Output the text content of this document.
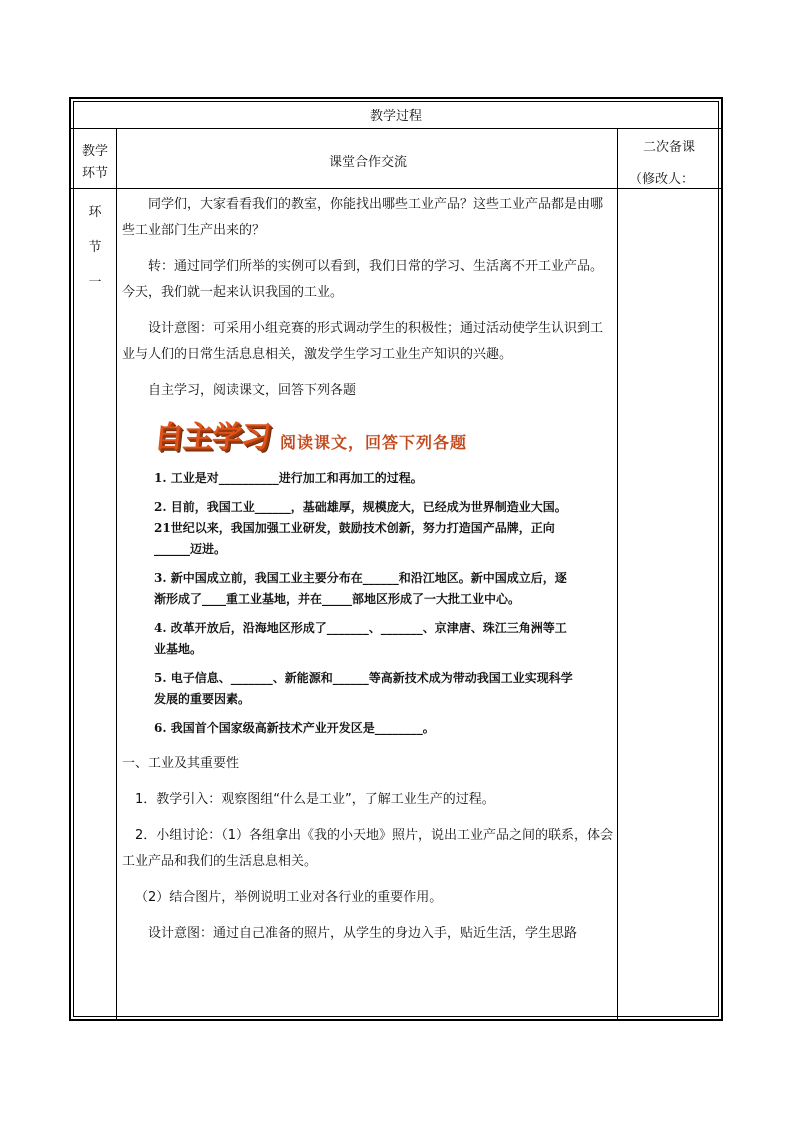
教学过程
教学
环节
课堂合作交流
二次备课
（修改人：
环
节
一

同学们，大家看看我们的教室，你能找出哪些工业产品？这些工业产品都是由哪些工业部门生产出来的？

转：通过同学们所举的实例可以看到，我们日常的学习、生活离不开工业产品。今天，我们就一起来认识我国的工业。

设计意图：可采用小组竞赛的形式调动学生的积极性；通过活动使学生认识到工业与人们的日常生活息息相关，激发学生学习工业生产知识的兴趣。

自主学习，阅读课文，回答下列各题

自主学习 阅读课文，回答下列各题
1. 工业是对__________进行加工和再加工的过程。
2. 目前，我国工业______，基础雄厚，规模庞大，已经成为世界制造业大国。21世纪以来，我国加强工业研发，鼓励技术创新，努力打造国产品牌，正向______迈进。
3. 新中国成立前，我国工业主要分布在______和沿江地区。新中国成立后，逐渐形成了____重工业基地，并在_____部地区形成了一大批工业中心。
4. 改革开放后，沿海地区形成了_______、_______、京津唐、珠江三角洲等工业基地。
5. 电子信息、_______、新能源和______等高新技术成为带动我国工业实现科学发展的重要因素。
6. 我国首个国家级高新技术产业开发区是________。

一、工业及其重要性

1．教学引入：观察图组“什么是工业”，了解工业生产的过程。

2．小组讨论：（1）各组拿出《我的小天地》照片，说出工业产品之间的联系，体会工业产品和我们的生活息息相关。

（2）结合图片，举例说明工业对各行业的重要作用。

设计意图：通过自己准备的照片，从学生的身边入手，贴近生活，学生思路
